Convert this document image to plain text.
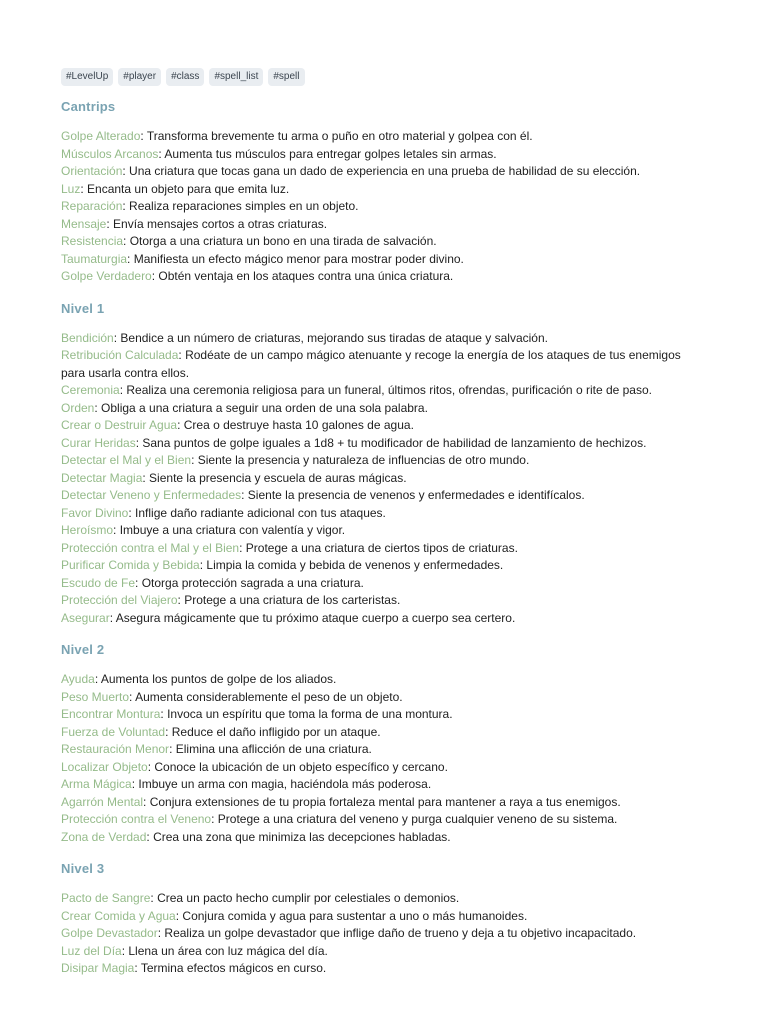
#LevelUp	#player	#class	#spell_list	#spell
Cantrips
Golpe Alterado: Transforma brevemente tu arma o puño en otro material y golpea con él.
Músculos Arcanos: Aumenta tus músculos para entregar golpes letales sin armas.
Orientación: Una criatura que tocas gana un dado de experiencia en una prueba de habilidad de su elección.
Luz: Encanta un objeto para que emita luz.
Reparación: Realiza reparaciones simples en un objeto.
Mensaje: Envía mensajes cortos a otras criaturas.
Resistencia: Otorga a una criatura un bono en una tirada de salvación.
Taumaturgia: Manifiesta un efecto mágico menor para mostrar poder divino.
Golpe Verdadero: Obtén ventaja en los ataques contra una única criatura.
Nivel 1
Bendición: Bendice a un número de criaturas, mejorando sus tiradas de ataque y salvación.
Retribución Calculada: Rodéate de un campo mágico atenuante y recoge la energía de los ataques de tus enemigos para usarla contra ellos.
Ceremonia: Realiza una ceremonia religiosa para un funeral, últimos ritos, ofrendas, purificación o rite de paso.
Orden: Obliga a una criatura a seguir una orden de una sola palabra.
Crear o Destruir Agua: Crea o destruye hasta 10 galones de agua.
Curar Heridas: Sana puntos de golpe iguales a 1d8 + tu modificador de habilidad de lanzamiento de hechizos.
Detectar el Mal y el Bien: Siente la presencia y naturaleza de influencias de otro mundo.
Detectar Magia: Siente la presencia y escuela de auras mágicas.
Detectar Veneno y Enfermedades: Siente la presencia de venenos y enfermedades e identifícalos.
Favor Divino: Inflige daño radiante adicional con tus ataques.
Heroísmo: Imbuye a una criatura con valentía y vigor.
Protección contra el Mal y el Bien: Protege a una criatura de ciertos tipos de criaturas.
Purificar Comida y Bebida: Limpia la comida y bebida de venenos y enfermedades.
Escudo de Fe: Otorga protección sagrada a una criatura.
Protección del Viajero: Protege a una criatura de los carteristas.
Asegurar: Asegura mágicamente que tu próximo ataque cuerpo a cuerpo sea certero.
Nivel 2
Ayuda: Aumenta los puntos de golpe de los aliados.
Peso Muerto: Aumenta considerablemente el peso de un objeto.
Encontrar Montura: Invoca un espíritu que toma la forma de una montura.
Fuerza de Voluntad: Reduce el daño infligido por un ataque.
Restauración Menor: Elimina una aflicción de una criatura.
Localizar Objeto: Conoce la ubicación de un objeto específico y cercano.
Arma Mágica: Imbuye un arma con magia, haciéndola más poderosa.
Agarrón Mental: Conjura extensiones de tu propia fortaleza mental para mantener a raya a tus enemigos.
Protección contra el Veneno: Protege a una criatura del veneno y purga cualquier veneno de su sistema.
Zona de Verdad: Crea una zona que minimiza las decepciones habladas.
Nivel 3
Pacto de Sangre: Crea un pacto hecho cumplir por celestiales o demonios.
Crear Comida y Agua: Conjura comida y agua para sustentar a uno o más humanoides.
Golpe Devastador: Realiza un golpe devastador que inflige daño de trueno y deja a tu objetivo incapacitado.
Luz del Día: Llena un área con luz mágica del día.
Disipar Magia: Termina efectos mágicos en curso.
